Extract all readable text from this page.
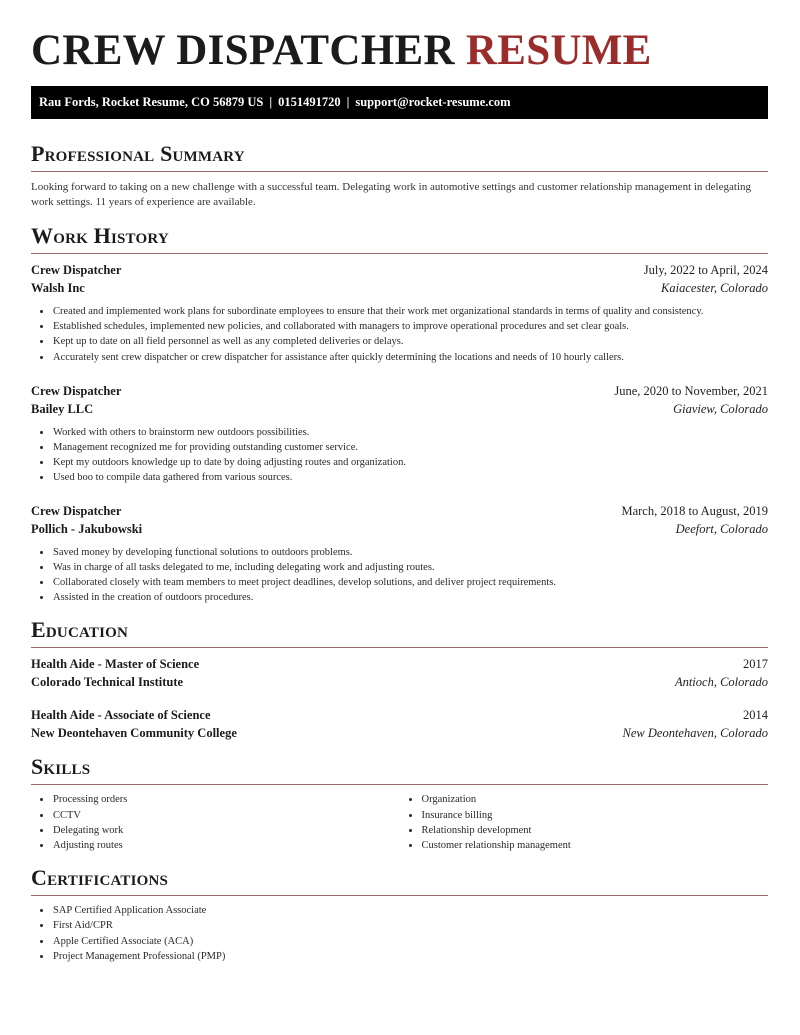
CREW DISPATCHER RESUME
Rau Fords, Rocket Resume, CO 56879 US | 0151491720 | support@rocket-resume.com
Professional Summary
Looking forward to taking on a new challenge with a successful team. Delegating work in automotive settings and customer relationship management in delegating work settings. 11 years of experience are available.
Work History
Crew Dispatcher	July, 2022 to April, 2024
Walsh Inc	Kaiacester, Colorado
• Created and implemented work plans for subordinate employees to ensure that their work met organizational standards in terms of quality and consistency.
• Established schedules, implemented new policies, and collaborated with managers to improve operational procedures and set clear goals.
• Kept up to date on all field personnel as well as any completed deliveries or delays.
• Accurately sent crew dispatcher or crew dispatcher for assistance after quickly determining the locations and needs of 10 hourly callers.
Crew Dispatcher	June, 2020 to November, 2021
Bailey LLC	Giaview, Colorado
• Worked with others to brainstorm new outdoors possibilities.
• Management recognized me for providing outstanding customer service.
• Kept my outdoors knowledge up to date by doing adjusting routes and organization.
• Used boo to compile data gathered from various sources.
Crew Dispatcher	March, 2018 to August, 2019
Pollich - Jakubowski	Deefort, Colorado
• Saved money by developing functional solutions to outdoors problems.
• Was in charge of all tasks delegated to me, including delegating work and adjusting routes.
• Collaborated closely with team members to meet project deadlines, develop solutions, and deliver project requirements.
• Assisted in the creation of outdoors procedures.
Education
Health Aide - Master of Science	2017
Colorado Technical Institute	Antioch, Colorado
Health Aide - Associate of Science	2014
New Deontehaven Community College	New Deontehaven, Colorado
Skills
• Processing orders
• CCTV
• Delegating work
• Adjusting routes
• Organization
• Insurance billing
• Relationship development
• Customer relationship management
Certifications
• SAP Certified Application Associate
• First Aid/CPR
• Apple Certified Associate (ACA)
• Project Management Professional (PMP)
